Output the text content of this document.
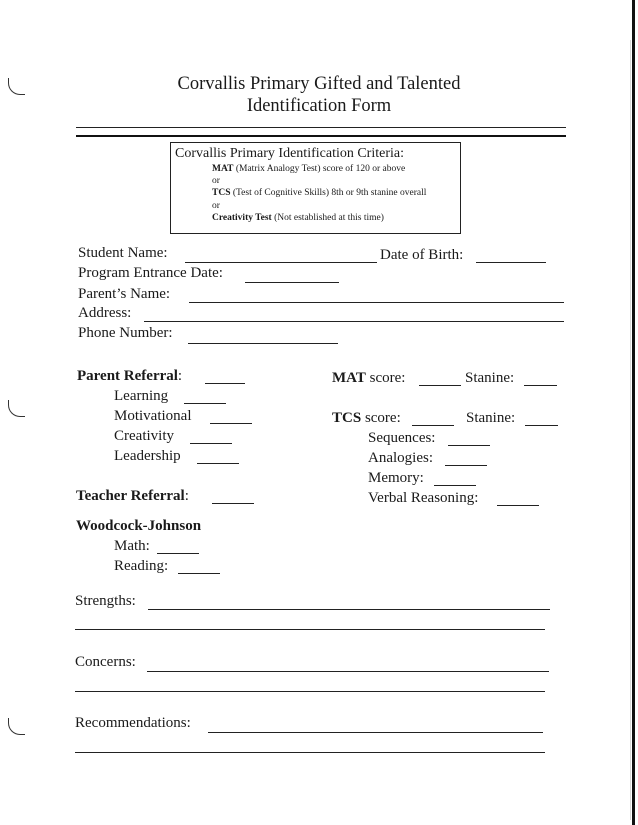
Corvallis Primary Gifted and Talented
Identification Form
Corvallis Primary Identification Criteria:
MAT (Matrix Analogy Test) score of 120 or above
or
TCS (Test of Cognitive Skills) 8th or 9th stanine overall
or
Creativity Test (Not established at this time)
Student Name:	Date of Birth:
Program Entrance Date:
Parent’s Name:
Address:
Phone Number:
Parent Referral:
Learning
Motivational
Creativity
Leadership
Teacher Referral:
Woodcock-Johnson
Math:
Reading:
MAT score:	Stanine:
TCS score:	Stanine:
Sequences:
Analogies:
Memory:
Verbal Reasoning:
Strengths:
Concerns:
Recommendations:
